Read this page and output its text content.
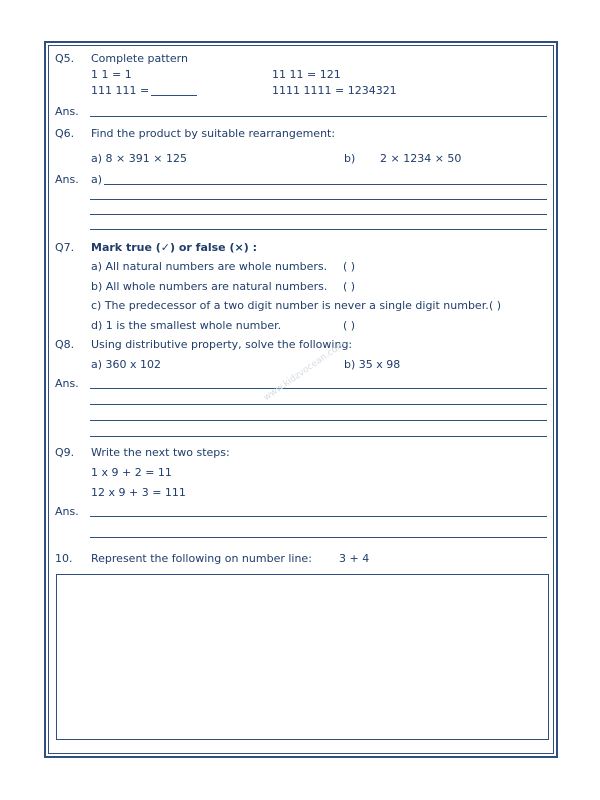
Q5. Complete pattern
1 1 = 1	11 11 = 121
111 111 =	1111 1111 = 1234321
Ans.
Q6. Find the product by suitable rearrangement:
a) 8 × 391 × 125	b) 2 × 1234 × 50
Ans. a)
Q7. Mark true (✓) or false (×) :
a) All natural numbers are whole numbers. ( )
b) All whole numbers are natural numbers. ( )
c) The predecessor of a two digit number is never a single digit number. ( )
d) 1 is the smallest whole number.	( )
Q8. Using distributive property, solve the following:
a) 360 x 102	b) 35 x 98
Ans.	www.kidzvocean.com
Q9. Write the next two steps:
1 x 9 + 2 = 11
12 x 9 + 3 = 111
Ans.
10. Represent the following on number line: 3 + 4
